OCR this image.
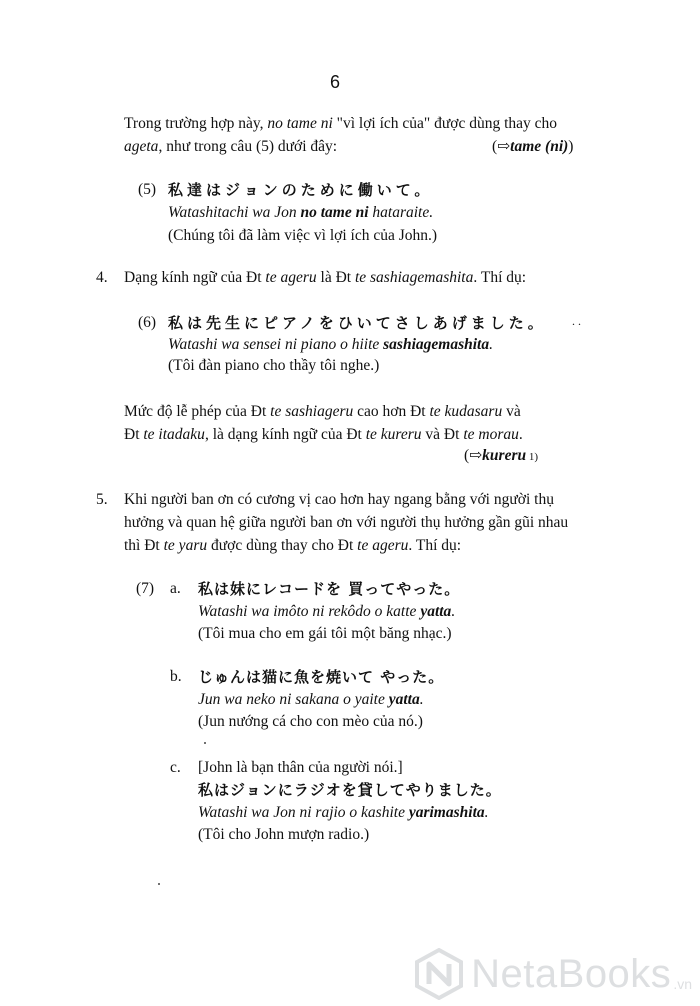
6
Trong trường hợp này, no tame ni "vì lợi ích của" được dùng thay cho
ageta, như trong câu (5) dưới đây:	(⇨tame (ni))
(5) 私達はジョンのために働いて。
Watashitachi wa Jon no tame ni hataraite.
(Chúng tôi đã làm việc vì lợi ích của John.)
4. Dạng kính ngữ của Đt te ageru là Đt te sashiagemashita. Thí dụ:
(6) 私は先生にピアノをひいてさしあげました。 . .
Watashi wa sensei ni piano o hiite sashiagemashita.
(Tôi đàn piano cho thầy tôi nghe.)
Mức độ lễ phép của Đt te sashiageru cao hơn Đt te kudasaru và
Đt te itadaku, là dạng kính ngữ của Đt te kureru và Đt te morau.
(⇨kureru 1)
5. Khi người ban ơn có cương vị cao hơn hay ngang bằng với người thụ
hưởng và quan hệ giữa người ban ơn với người thụ hưởng gần gũi nhau
thì Đt te yaru được dùng thay cho Đt te ageru. Thí dụ:
(7) a. 私は妹にレコードを 買ってやった。
Watashi wa imôto ni rekôdo o katte yatta.
(Tôi mua cho em gái tôi một băng nhạc.)
b. じゅんは猫に魚を焼いて やった。
Jun wa neko ni sakana o yaite yatta.
(Jun nướng cá cho con mèo của nó.)
c. [John là bạn thân của người nói.]
私はジョンにラジオを貸してやりました。
Watashi wa Jon ni rajio o kashite yarimashita.
(Tôi cho John mượn radio.)
NetaBooks .vn
